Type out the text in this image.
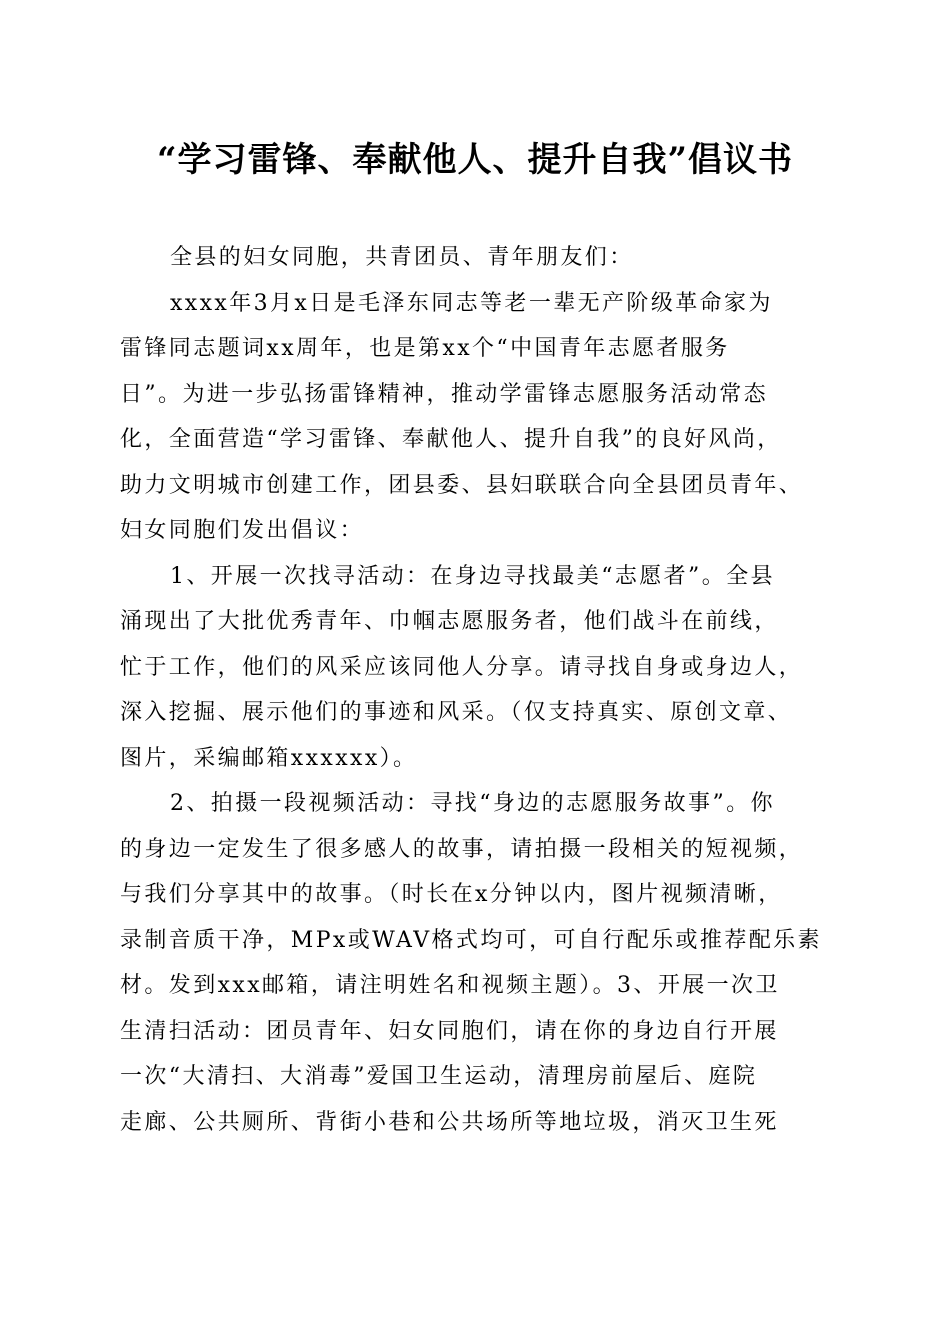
“学习雷锋、奉献他人、提升自我”倡议书
全县的妇女同胞，共青团员、青年朋友们：
xxxx年3月x日是毛泽东同志等老一辈无产阶级革命家为
雷锋同志题词xx周年，也是第xx个“中国青年志愿者服务
日”。为进一步弘扬雷锋精神，推动学雷锋志愿服务活动常态
化，全面营造“学习雷锋、奉献他人、提升自我”的良好风尚，
助力文明城市创建工作，团县委、县妇联联合向全县团员青年、
妇女同胞们发出倡议：
1、开展一次找寻活动：在身边寻找最美“志愿者”。全县
涌现出了大批优秀青年、巾帼志愿服务者，他们战斗在前线，
忙于工作，他们的风采应该同他人分享。请寻找自身或身边人，
深入挖掘、展示他们的事迹和风采。（仅支持真实、原创文章、
图片，采编邮箱xxxxxx）。
2、拍摄一段视频活动：寻找“身边的志愿服务故事”。你
的身边一定发生了很多感人的故事，请拍摄一段相关的短视频，
与我们分享其中的故事。（时长在x分钟以内，图片视频清晰，
录制音质干净，MPx或WAV格式均可，可自行配乐或推荐配乐素
材。发到xxx邮箱，请注明姓名和视频主题）。3、开展一次卫
生清扫活动：团员青年、妇女同胞们，请在你的身边自行开展
一次“大清扫、大消毒”爱国卫生运动，清理房前屋后、庭院
走廊、公共厕所、背街小巷和公共场所等地垃圾，消灭卫生死
